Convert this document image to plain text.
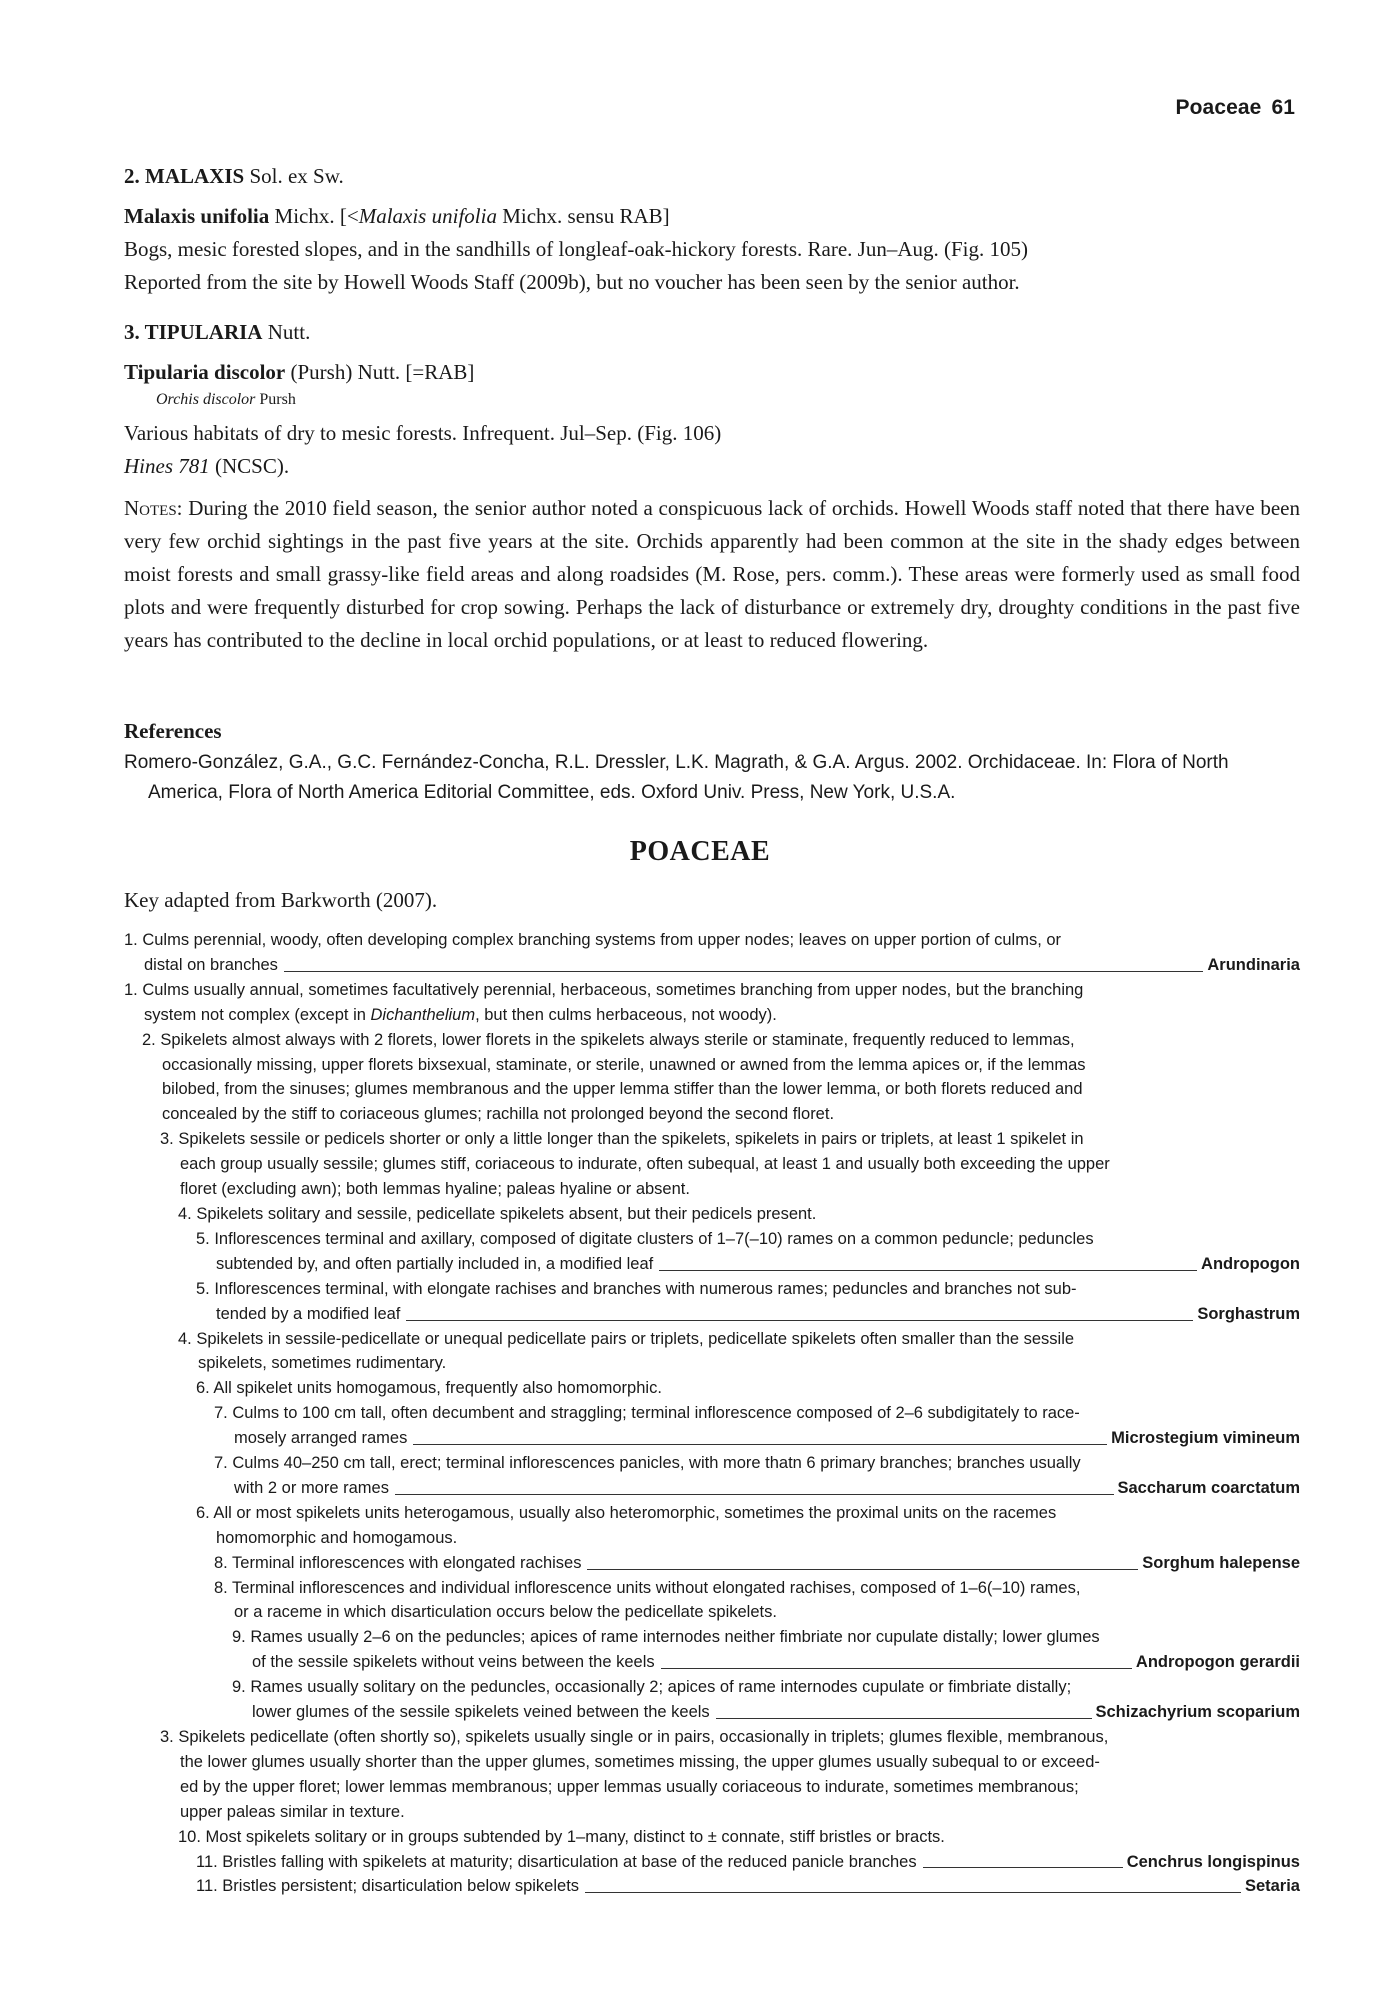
Poaceae 61

2. MALAXIS Sol. ex Sw.

Malaxis unifolia Michx. [<Malaxis unifolia Michx. sensu RAB]

Bogs, mesic forested slopes, and in the sandhills of longleaf-oak-hickory forests. Rare. Jun–Aug. (Fig. 105)

Reported from the site by Howell Woods Staff (2009b), but no voucher has been seen by the senior author.

3. TIPULARIA Nutt.

Tipularia discolor (Pursh) Nutt. [=RAB]

Orchis discolor Pursh

Various habitats of dry to mesic forests. Infrequent. Jul–Sep. (Fig. 106)

Hines 781 (NCSC).

Notes: During the 2010 field season, the senior author noted a conspicuous lack of orchids. Howell Woods staff noted that there have been very few orchid sightings in the past five years at the site. Orchids apparently had been common at the site in the shady edges between moist forests and small grassy-like field areas and along roadsides (M. Rose, pers. comm.). These areas were formerly used as small food plots and were frequently disturbed for crop sowing. Perhaps the lack of disturbance or extremely dry, droughty conditions in the past five years has contributed to the decline in local orchid populations, or at least to reduced flowering.

References

Romero-González, G.A., G.C. Fernández-Concha, R.L. Dressler, L.K. Magrath, & G.A. Argus. 2002. Orchidaceae. In: Flora of North America, Flora of North America Editorial Committee, eds. Oxford Univ. Press, New York, U.S.A.

POACEAE
Key adapted from Barkworth (2007).
1. Culms perennial, woody, often developing complex branching systems from upper nodes; leaves on upper portion of culms, or
distal on branches	Arundinaria
1. Culms usually annual, sometimes facultatively perennial, herbaceous, sometimes branching from upper nodes, but the branching
system not complex (except in Dichanthelium, but then culms herbaceous, not woody).
2. Spikelets almost always with 2 florets, lower florets in the spikelets always sterile or staminate, frequently reduced to lemmas,
occasionally missing, upper florets bixsexual, staminate, or sterile, unawned or awned from the lemma apices or, if the lemmas
bilobed, from the sinuses; glumes membranous and the upper lemma stiffer than the lower lemma, or both florets reduced and
concealed by the stiff to coriaceous glumes; rachilla not prolonged beyond the second floret.
3. Spikelets sessile or pedicels shorter or only a little longer than the spikelets, spikelets in pairs or triplets, at least 1 spikelet in
each group usually sessile; glumes stiff, coriaceous to indurate, often subequal, at least 1 and usually both exceeding the upper
floret (excluding awn); both lemmas hyaline; paleas hyaline or absent.
4. Spikelets solitary and sessile, pedicellate spikelets absent, but their pedicels present.
5. Inflorescences terminal and axillary, composed of digitate clusters of 1–7(–10) rames on a common peduncle; peduncles
subtended by, and often partially included in, a modified leaf	Andropogon
5. Inflorescences terminal, with elongate rachises and branches with numerous rames; peduncles and branches not sub-
tended by a modified leaf	Sorghastrum
4. Spikelets in sessile-pedicellate or unequal pedicellate pairs or triplets, pedicellate spikelets often smaller than the sessile
spikelets, sometimes rudimentary.
6. All spikelet units homogamous, frequently also homomorphic.
7. Culms to 100 cm tall, often decumbent and straggling; terminal inflorescence composed of 2–6 subdigitately to race-
mosely arranged rames	Microstegium vimineum
7. Culms 40–250 cm tall, erect; terminal inflorescences panicles, with more thatn 6 primary branches; branches usually
with 2 or more rames	Saccharum coarctatum
6. All or most spikelets units heterogamous, usually also heteromorphic, sometimes the proximal units on the racemes
homomorphic and homogamous.
8. Terminal inflorescences with elongated rachises	Sorghum halepense
8. Terminal inflorescences and individual inflorescence units without elongated rachises, composed of 1–6(–10) rames,
or a raceme in which disarticulation occurs below the pedicellate spikelets.
9. Rames usually 2–6 on the peduncles; apices of rame internodes neither fimbriate nor cupulate distally; lower glumes
of the sessile spikelets without veins between the keels	Andropogon gerardii
9. Rames usually solitary on the peduncles, occasionally 2; apices of rame internodes cupulate or fimbriate distally;
lower glumes of the sessile spikelets veined between the keels	Schizachyrium scoparium
3. Spikelets pedicellate (often shortly so), spikelets usually single or in pairs, occasionally in triplets; glumes flexible, membranous,
the lower glumes usually shorter than the upper glumes, sometimes missing, the upper glumes usually subequal to or exceed-
ed by the upper floret; lower lemmas membranous; upper lemmas usually coriaceous to indurate, sometimes membranous;
upper paleas similar in texture.
10. Most spikelets solitary or in groups subtended by 1–many, distinct to ± connate, stiff bristles or bracts.
11. Bristles falling with spikelets at maturity; disarticulation at base of the reduced panicle branches	Cenchrus longispinus
11. Bristles persistent; disarticulation below spikelets	Setaria
